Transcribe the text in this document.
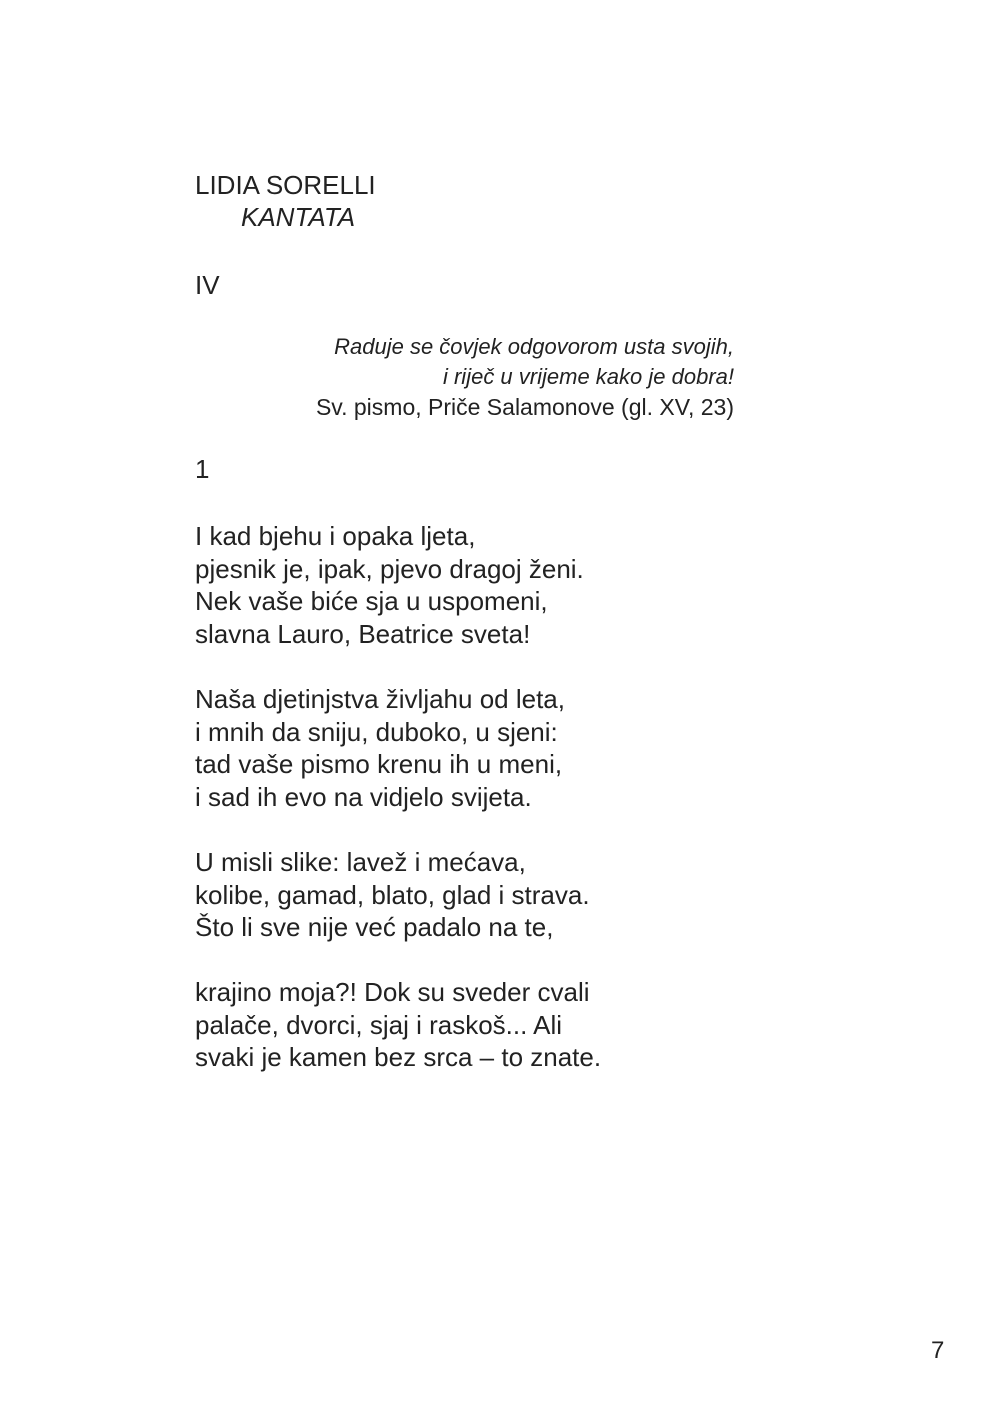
LIDIA SORELLI
KANTATA
IV
Raduje se čovjek odgovorom usta svojih,
i riječ u vrijeme kako je dobra!
Sv. pismo, Priče Salamonove (gl. XV, 23)
1
I kad bjehu i opaka ljeta,
pjesnik je, ipak, pjevo dragoj ženi.
Nek vaše biće sja u uspomeni,
slavna Lauro, Beatrice sveta!
Naša djetinjstva življahu od leta,
i mnih da sniju, duboko, u sjeni:
tad vaše pismo krenu ih u meni,
i sad ih evo na vidjelo svijeta.
U misli slike: lavež i mećava,
kolibe, gamad, blato, glad i strava.
Što li sve nije već padalo na te,
krajino moja?! Dok su sveder cvali
palače, dvorci, sjaj i raskoš... Ali
svaki je kamen bez srca – to znate.
7
